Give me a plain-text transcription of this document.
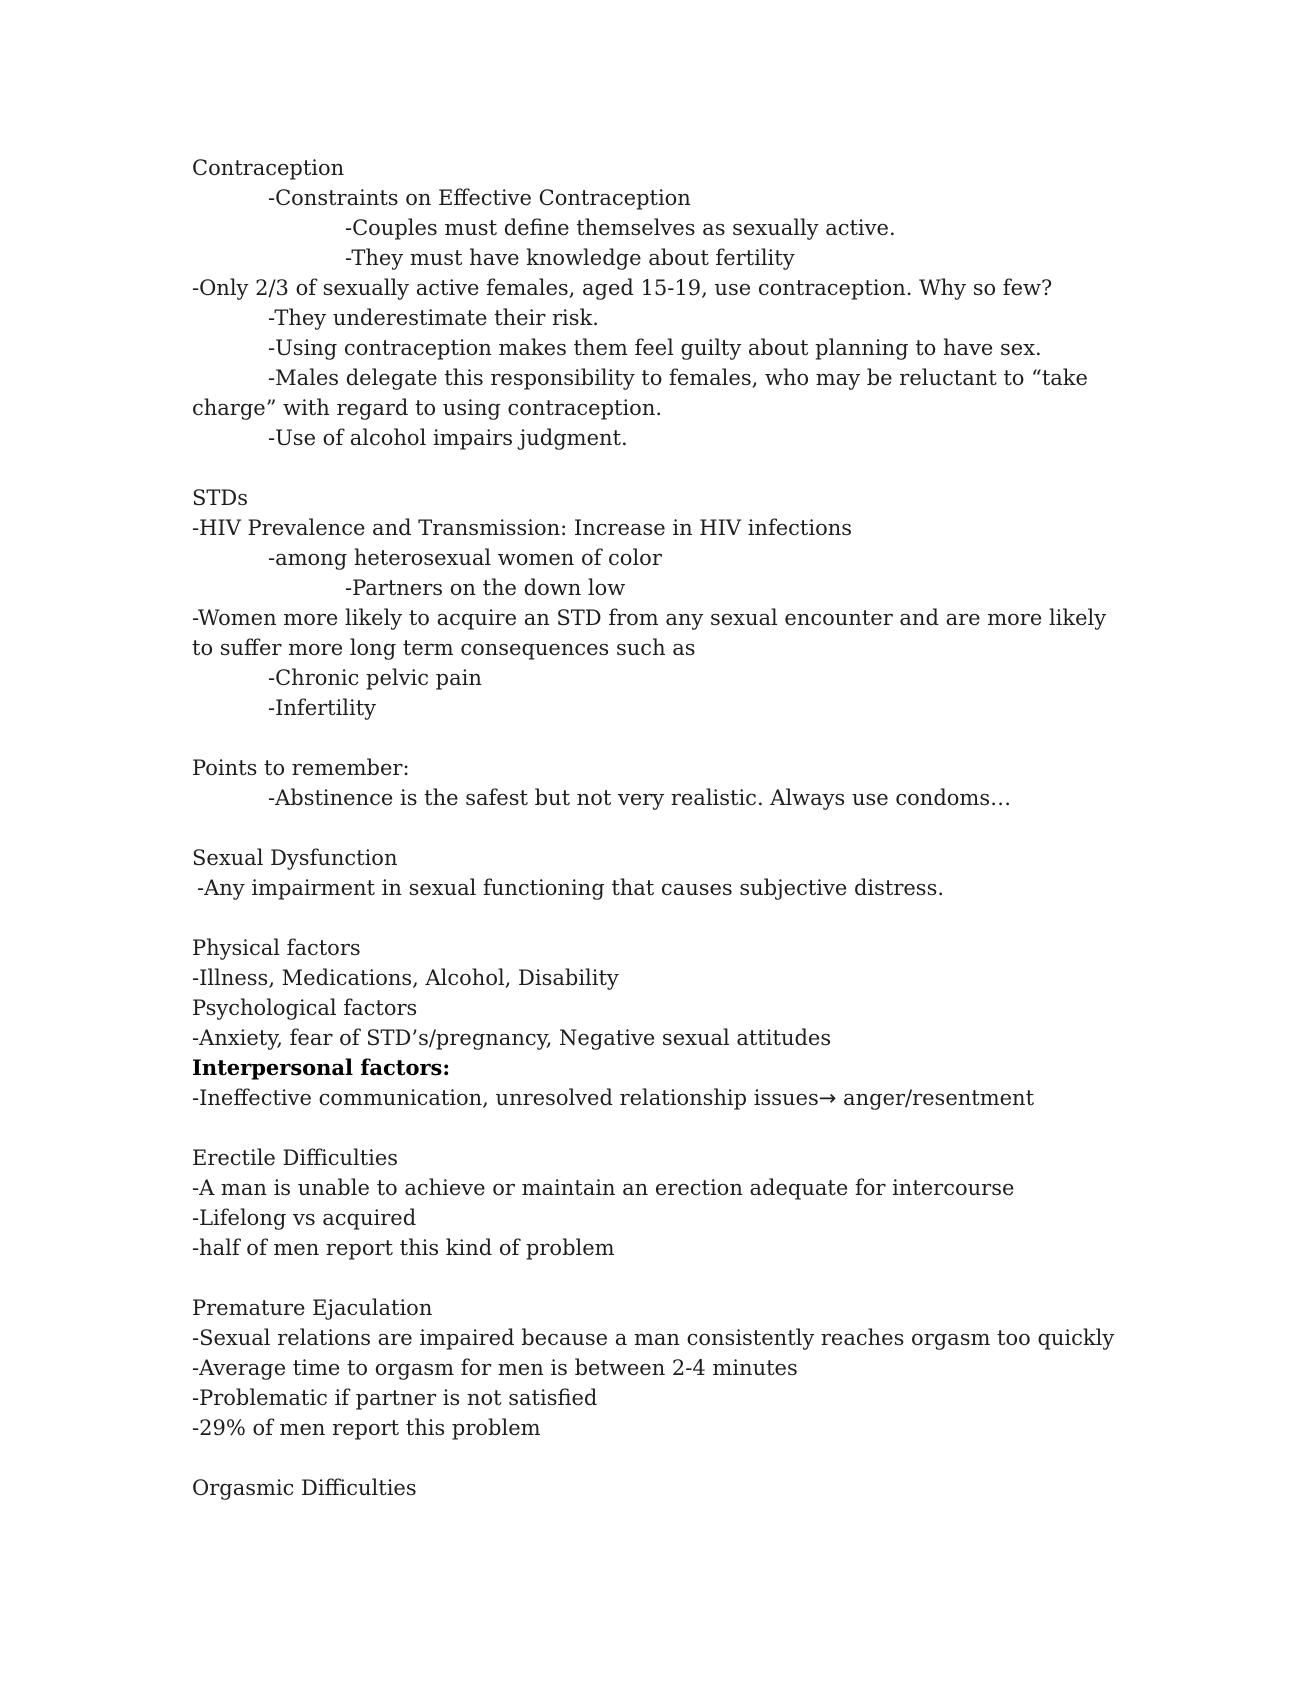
Contraception
-Constraints on Effective Contraception
-Couples must define themselves as sexually active.
-They must have knowledge about fertility
-Only 2/3 of sexually active females, aged 15-19, use contraception. Why so few?
-They underestimate their risk.
-Using contraception makes them feel guilty about planning to have sex.
-Males delegate this responsibility to females, who may be reluctant to “take charge” with regard to using contraception.
-Use of alcohol impairs judgment.
STDs
-HIV Prevalence and Transmission: Increase in HIV infections
-among heterosexual women of color
-Partners on the down low
-Women more likely to acquire an STD from any sexual encounter and are more likely to suffer more long term consequences such as
-Chronic pelvic pain
-Infertility
Points to remember:
-Abstinence is the safest but not very realistic. Always use condoms…
Sexual Dysfunction
-Any impairment in sexual functioning that causes subjective distress.
Physical factors
-Illness, Medications, Alcohol, Disability
Psychological factors
-Anxiety, fear of STD’s/pregnancy, Negative sexual attitudes
Interpersonal factors:
-Ineffective communication, unresolved relationship issues→ anger/resentment
Erectile Difficulties
-A man is unable to achieve or maintain an erection adequate for intercourse
-Lifelong vs acquired
-half of men report this kind of problem
Premature Ejaculation
-Sexual relations are impaired because a man consistently reaches orgasm too quickly
-Average time to orgasm for men is between 2-4 minutes
-Problematic if partner is not satisfied
-29% of men report this problem
Orgasmic Difficulties
